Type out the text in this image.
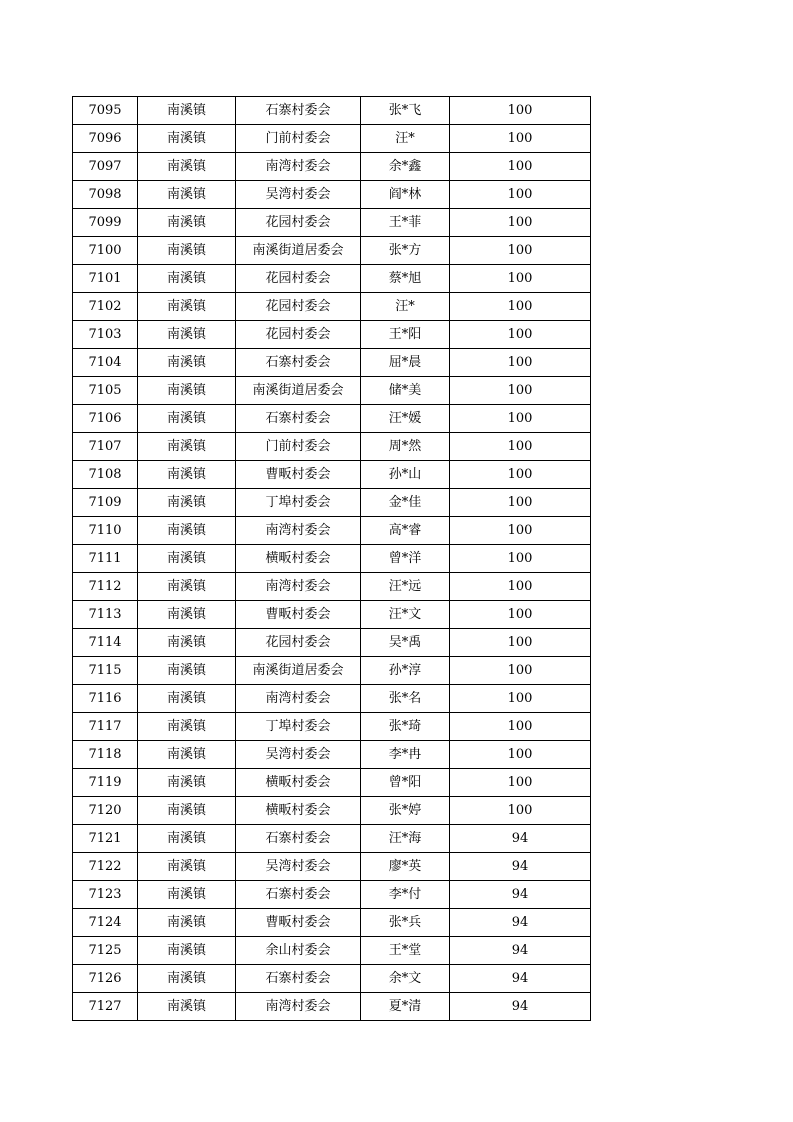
7095	南溪镇	石寨村委会	张*飞	100
7096	南溪镇	门前村委会	汪*	100
7097	南溪镇	南湾村委会	余*鑫	100
7098	南溪镇	吴湾村委会	阎*林	100
7099	南溪镇	花园村委会	王*菲	100
7100	南溪镇	南溪街道居委会	张*方	100
7101	南溪镇	花园村委会	蔡*旭	100
7102	南溪镇	花园村委会	汪*	100
7103	南溪镇	花园村委会	王*阳	100
7104	南溪镇	石寨村委会	屈*晨	100
7105	南溪镇	南溪街道居委会	储*美	100
7106	南溪镇	石寨村委会	汪*媛	100
7107	南溪镇	门前村委会	周*然	100
7108	南溪镇	曹畈村委会	孙*山	100
7109	南溪镇	丁埠村委会	金*佳	100
7110	南溪镇	南湾村委会	高*睿	100
7111	南溪镇	横畈村委会	曾*洋	100
7112	南溪镇	南湾村委会	汪*远	100
7113	南溪镇	曹畈村委会	汪*文	100
7114	南溪镇	花园村委会	吴*禹	100
7115	南溪镇	南溪街道居委会	孙*淳	100
7116	南溪镇	南湾村委会	张*名	100
7117	南溪镇	丁埠村委会	张*琦	100
7118	南溪镇	吴湾村委会	李*冉	100
7119	南溪镇	横畈村委会	曾*阳	100
7120	南溪镇	横畈村委会	张*婷	100
7121	南溪镇	石寨村委会	汪*海	94
7122	南溪镇	吴湾村委会	廖*英	94
7123	南溪镇	石寨村委会	李*付	94
7124	南溪镇	曹畈村委会	张*兵	94
7125	南溪镇	余山村委会	王*堂	94
7126	南溪镇	石寨村委会	余*文	94
7127	南溪镇	南湾村委会	夏*清	94
